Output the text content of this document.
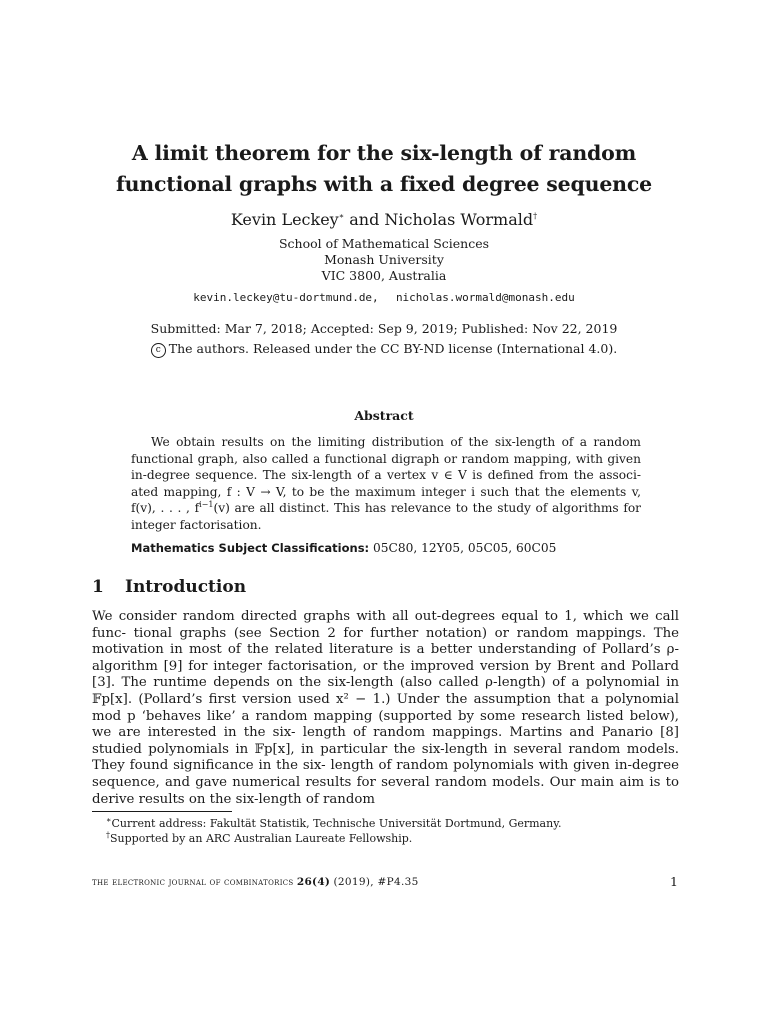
A limit theorem for the six-length of random
functional graphs with a fixed degree sequence
Kevin Leckey∗ and Nicholas Wormald†
School of Mathematical Sciences
Monash University
VIC 3800, Australia
kevin.leckey@tu-dortmund.de, nicholas.wormald@monash.edu
Submitted: Mar 7, 2018; Accepted: Sep 9, 2019; Published: Nov 22, 2019
c The authors. Released under the CC BY-ND license (International 4.0).
Abstract

We obtain results on the limiting distribution of the six-length of a random functional graph, also called a functional digraph or random mapping, with given in-degree sequence. The six-length of a vertex v ∈ V is defined from the associ- ated mapping, f : V → V, to be the maximum integer i such that the elements v, f(v), . . . , $f^{i-1}(v)$ are all distinct. This has relevance to the study of algorithms for integer factorisation.

Mathematics Subject Classifications: 05C80, 12Y05, 05C05, 60C05
1 Introduction

We consider random directed graphs with all out-degrees equal to 1, which we call func- tional graphs (see Section 2 for further notation) or random mappings. The motivation in most of the related literature is a better understanding of Pollard’s ρ-algorithm [9] for integer factorisation, or the improved version by Brent and Pollard [3]. The runtime depends on the six-length (also called ρ-length) of a polynomial in 𝔽p[x]. (Pollard’s first version used x² − 1.) Under the assumption that a polynomial mod p ‘behaves like’ a random mapping (supported by some research listed below), we are interested in the six- length of random mappings. Martins and Panario [8] studied polynomials in 𝔽p[x], in particular the six-length in several random models. They found significance in the six- length of random polynomials with given in-degree sequence, and gave numerical results for several random models. Our main aim is to derive results on the six-length of random

∗Current address: Fakultät Statistik, Technische Universität Dortmund, Germany.
†Supported by an ARC Australian Laureate Fellowship.
the electronic journal of combinatorics 26(4) (2019), #P4.35	1
